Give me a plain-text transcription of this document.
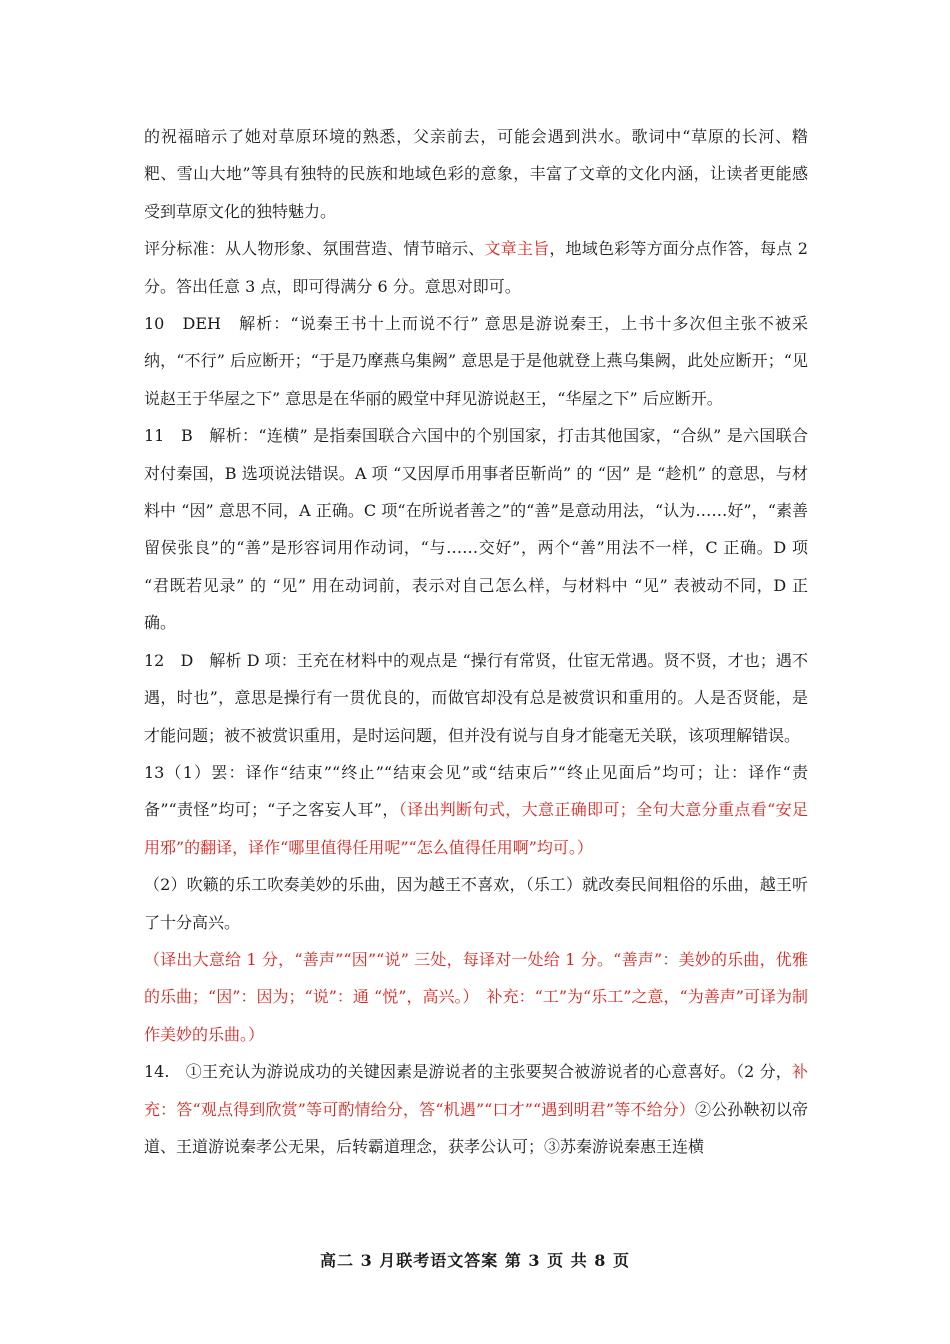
的祝福暗示了她对草原环境的熟悉，父亲前去，可能会遇到洪水。歌词中“草原的长河、糌粑、雪山大地”等具有独特的民族和地域色彩的意象，丰富了文章的文化内涵，让读者更能感受到草原文化的独特魅力。

评分标准：从人物形象、氛围营造、情节暗示、文章主旨，地域色彩等方面分点作答，每点 2 分。答出任意 3 点，即可得满分 6 分。意思对即可。

10　DEH　解析：“说秦王书十上而说不行” 意思是游说秦王，上书十多次但主张不被采纳，“不行” 后应断开；“于是乃摩燕乌集阙” 意思是于是他就登上燕乌集阙，此处应断开；“见说赵王于华屋之下” 意思是在华丽的殿堂中拜见游说赵王，“华屋之下” 后应断开。

11　B　解析：“连横” 是指秦国联合六国中的个别国家，打击其他国家，“合纵” 是六国联合对付秦国，B 选项说法错误。A 项 “又因厚币用事者臣靳尚” 的 “因” 是 “趁机” 的意思，与材料中 “因” 意思不同，A 正确。C 项“在所说者善之”的“善”是意动用法，“认为……好”，“素善留侯张良”的“善”是形容词用作动词，“与……交好”，两个“善”用法不一样，C 正确。D 项 “君既若见录” 的 “见” 用在动词前，表示对自己怎么样，与材料中 “见” 表被动不同，D 正确。

12　D　解析 D 项：王充在材料中的观点是 “操行有常贤，仕宦无常遇。贤不贤，才也；遇不遇，时也”，意思是操行有一贯优良的，而做官却没有总是被赏识和重用的。人是否贤能，是才能问题；被不被赏识重用，是时运问题，但并没有说与自身才能毫无关联，该项理解错误。

13（1）罢：译作“结束”“终止”“结束会见”或“结束后”“终止见面后”均可；让：译作“责备”“责怪”均可；“子之客妄人耳”，（译出判断句式，大意正确即可；全句大意分重点看“安足用邪”的翻译，译作“哪里值得任用呢”“怎么值得任用啊”均可。）

（2）吹籁的乐工吹奏美妙的乐曲，因为越王不喜欢，（乐工）就改奏民间粗俗的乐曲，越王听了十分高兴。

（译出大意给 1 分，“善声”“因”“说” 三处，每译对一处给 1 分。“善声”：美妙的乐曲，优雅的乐曲；“因”：因为；“说”：通 “悦”，高兴。）　补充：“工”为“乐工”之意，“为善声”可译为制作美妙的乐曲。）

14.　①王充认为游说成功的关键因素是游说者的主张要契合被游说者的心意喜好。（2 分，补充：答“观点得到欣赏”等可酌情给分，答“机遇”“口才”“遇到明君”等不给分）②公孙鞅初以帝道、王道游说秦孝公无果，后转霸道理念，获孝公认可；③苏秦游说秦惠王连横

高二 3 月联考语文答案 第 3 页 共 8 页
